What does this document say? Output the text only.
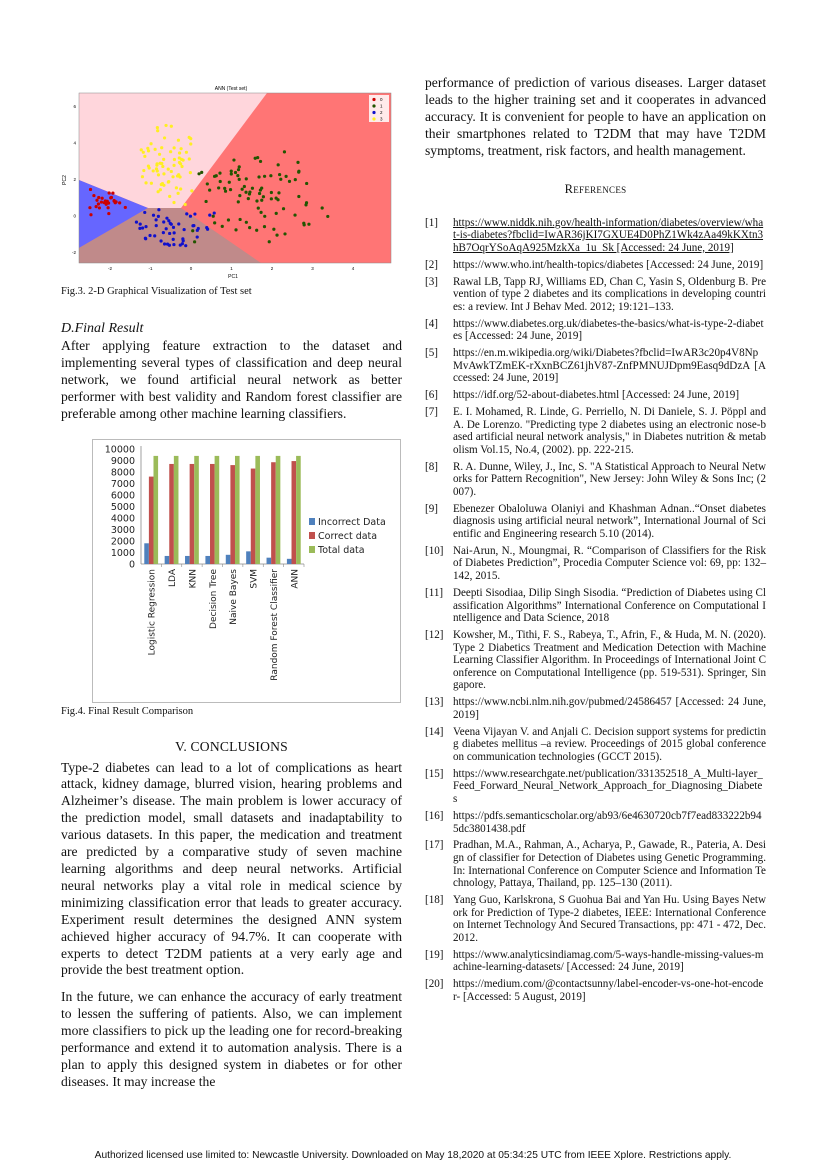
ANN (Test set)
0
1
2
3
-2	-1	0	1	2	3	4
-2
0
2
4
6
PC1
PC2

Fig.3. 2-D Graphical Visualization of Test set

D.Final Result

After applying feature extraction to the dataset and implementing several types of classification and deep neural network, we found artificial neural network as better performer with best validity and Random forest classifier are preferable among other machine learning classifiers.

0
1000
2000
3000
4000
5000
6000
7000
8000
9000
10000
Logistic Regression LDA KNN Decision Tree Naive Bayes SVM Random Forest Classifier ANN
Incorrect Data
Correct data
Total data

Fig.4. Final Result Comparison

V. CONCLUSIONS

Type-2 diabetes can lead to a lot of complications as heart attack, kidney damage, blurred vision, hearing problems and Alzheimer’s disease. The main problem is lower accuracy of the prediction model, small datasets and inadaptability to various datasets. In this paper, the medication and treatment are predicted by a comparative study of seven machine learning algorithms and deep neural networks. Artificial neural networks play a vital role in medical science by minimizing classification error that leads to greater accuracy. Experiment result determines the designed ANN system achieved higher accuracy of 94.7%. It can cooperate with experts to detect T2DM patients at a very early age and provide the best treatment option.

In the future, we can enhance the accuracy of early treatment to lessen the suffering of patients. Also, we can implement more classifiers to pick up the leading one for record-breaking performance and extend it to automation analysis. There is a plan to apply this designed system in diabetes or for other diseases. It may increase the

performance of prediction of various diseases. Larger dataset leads to the higher training set and it cooperates in advanced accuracy. It is convenient for people to have an application on their smartphones related to T2DM that may have T2DM symptoms, treatment, risk factors, and health management.

References

[1]	https://www.niddk.nih.gov/health-information/diabetes/overview/what-is-diabetes?fbclid=IwAR36jKI7GXUE4D0PhZ1Wk4zAa49kKXtn3hB7OqrYSoAqA925MzkXa_1u_Sk [Accessed: 24 June, 2019]
[2]	https://www.who.int/health-topics/diabetes [Accessed: 24 June, 2019]
[3]	Rawal LB, Tapp RJ, Williams ED, Chan C, Yasin S, Oldenburg B. Prevention of type 2 diabetes and its complications in developing countries: a review. Int J Behav Med. 2012; 19:121–133.
[4]	https://www.diabetes.org.uk/diabetes-the-basics/what-is-type-2-diabetes [Accessed: 24 June, 2019]
[5]	https://en.m.wikipedia.org/wiki/Diabetes?fbclid=IwAR3c20p4V8NpMvAwkTZmEK-rXxnBCZ61jhV87-ZnfPMNUJDpm9Easq9dDzA [Accessed: 24 June, 2019]
[6]	https://idf.org/52-about-diabetes.html [Accessed: 24 June, 2019]
[7]	E. I. Mohamed, R. Linde, G. Perriello, N. Di Daniele, S. J. Pöppl and A. De Lorenzo. "Predicting type 2 diabetes using an electronic nose-based artificial neural network analysis," in Diabetes nutrition & metabolism Vol.15, No.4, (2002). pp. 222-215.
[8]	R. A. Dunne, Wiley, J., Inc, S. "A Statistical Approach to Neural Networks for Pattern Recognition", New Jersey: John Wiley & Sons Inc; (2007).
[9]	Ebenezer Obaloluwa Olaniyi and Khashman Adnan..“Onset diabetes diagnosis using artificial neural network”, International Journal of Scientific and Engineering research 5.10 (2014).
[10] Nai-Arun, N., Moungmai, R. “Comparison of Classifiers for the Risk of Diabetes Prediction”, Procedia Computer Science vol: 69, pp: 132–142, 2015.
[11] Deepti Sisodiaa, Dilip Singh Sisodia. “Prediction of Diabetes using Classification Algorithms” International Conference on Computational Intelligence and Data Science, 2018
[12] Kowsher, M., Tithi, F. S., Rabeya, T., Afrin, F., & Huda, M. N. (2020). Type 2 Diabetics Treatment and Medication Detection with Machine Learning Classifier Algorithm. In Proceedings of International Joint Conference on Computational Intelligence (pp. 519-531). Springer, Singapore.
[13] https://www.ncbi.nlm.nih.gov/pubmed/24586457 [Accessed: 24 June, 2019]
[14] Veena Vijayan V. and Anjali C. Decision support systems for predicting diabetes mellitus –a review. Proceedings of 2015 global conference on communication technologies (GCCT 2015).
[15] https://www.researchgate.net/publication/331352518_A_Multi-layer_Feed_Forward_Neural_Network_Approach_for_Diagnosing_Diabetes
[16] https://pdfs.semanticscholar.org/ab93/6e4630720cb7f7ead833222b945dc3801438.pdf
[17] Pradhan, M.A., Rahman, A., Acharya, P., Gawade, R., Pateria, A. Design of classifier for Detection of Diabetes using Genetic Programming. In: International Conference on Computer Science and Information Technology, Pattaya, Thailand, pp. 125–130 (2011).
[18] Yang Guo, Karlskrona, S Guohua Bai and Yan Hu. Using Bayes Network for Prediction of Type-2 diabetes, IEEE: International Conference on Internet Technology And Secured Transactions, pp: 471 - 472, Dec. 2012.
[19] https://www.analyticsindiamag.com/5-ways-handle-missing-values-machine-learning-datasets/ [Accessed: 24 June, 2019]
[20] https://medium.com/@contactsunny/label-encoder-vs-one-hot-encoder- [Accessed: 5 August, 2019]
Authorized licensed use limited to: Newcastle University. Downloaded on May 18,2020 at 05:34:25 UTC from IEEE Xplore. Restrictions apply.
